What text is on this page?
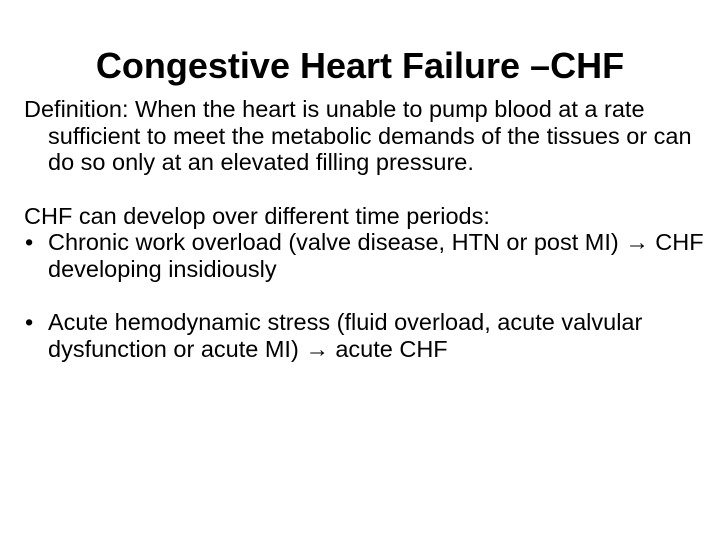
Congestive Heart Failure –CHF

Definition: When the heart is unable to pump blood at a rate sufficient to meet the metabolic demands of the tissues or can do so only at an elevated filling pressure.

CHF can develop over different time periods:

• Chronic work overload (valve disease, HTN or post MI) → CHF developing insidiously

• Acute hemodynamic stress (fluid overload, acute valvular dysfunction or acute MI) → acute CHF
